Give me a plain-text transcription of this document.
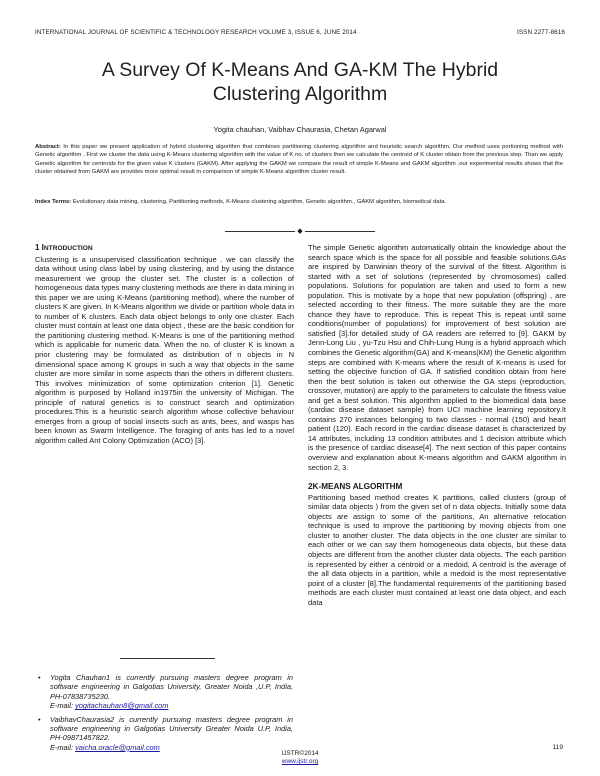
INTERNATIONAL JOURNAL OF SCIENTIFIC & TECHNOLOGY RESEARCH VOLUME 3, ISSUE 6, JUNE 2014	ISSN 2277-8616
A Survey Of K-Means And GA-KM The Hybrid
Clustering Algorithm
Yogita chauhan, Vaibhav Chaurasia, Chetan Agarwal
Abstract: In this paper we present application of hybrid clustering algorithm that combines partitioning clustering algorithm and heuristic search algorithm. Our method uses portioning method with Genetic algorithm . First we cluster the data using K-Means clustering algorithm with the value of K no. of clusters then we calculate the centroid of K cluster obtain from the previous step. Than we apply Genetic algorithm for centroids for the given value K clusters (GAKM). After applying the GAKM we compare the result of simple K-Means and GAKM algorithm .our experimental results shows that the cluster obtained from GAKM are provides more optimal result in comparison of simple K-Means algorithm cluster result.
Index Terms: Evolutionary data mining, clustering, Partitioning methods, K-Means clustering algorithm, Genetic algorithm., GAKM algorithm, biomedical data.
◆
1 INTRODUCTION

Clustering is a unsupervised classification technique . we can classify the data without using class label by using clustering, and by using the distance measurement we group the cluster set. The cluster is a collection of homogeneous data types many clustering methods are there in data mining in this paper we are using K-Means (partitioning method), where the number of clusters K are given. In K-Means algorithm we divide or partition whole data in to number of K clusters. Each data object belongs to only one cluster. Each cluster must contain at least one data object , these are the basic condition for the partitioning clustering method. K-Means is one of the partitioning method which is applicable for numeric data. When the no. of cluster K is known a prior clustering may be formulated as distribution of n objects in N dimensional space among K groups in such a way that objects in the same cluster are more similar in some aspects than the others in different clusters. This involves minimization of some optimization criterion [1]. Genetic algorithm is purposed by Holland in1975in the university of Michigan. The principle of natural genetics is to construct search and optimization procedures.This is a heuristic search algorithm whose collective behaviour emerges from a group of social insects such as ants, bees, and wasps has been known as Swarm Intelligence. The foraging of ants has led to a novel algorithm called Ant Colony Optimization (ACO) [3].

The simple Genetic algorithm automatically obtain the knowledge about the search space which is the space for all possible and feasible solutions.GAs are inspired by Darwinian theory of the survival of the fittest. Algorithm is started with a set of solutions (represented by chromosomes) called populations. Solutions for population are taken and used to form a new population. This is motivate by a hope that new population (offspring) , are selected according to their fitness. The more suitable they are the more chance they have to reproduce. This is repeat This is repeat until some conditions(number of populations) for improvement of best solution are satisfied [3].for detailed study of GA readers are referred to [9]. GAKM by Jenn-Long Liu , yu-Tzu Hsu and Chih-Lung Hung is a hybrid approach which combines the Genetic algorithm(GA) and K-means(KM) the Genetic algorithm steps are combined with K-means where the result of K-means is used for setting the objective function of GA. If satisfied condition obtain from here then the best solution is taken out otherwise the GA steps (reproduction, crossover, mutation) are apply to the parameters to calculate the fitness value and get a best solution. This algorithm applied to the biomedical data base (cardiac disease dataset sample) from UCI machine learning repository.It contains 270 instances belonging to two classes - normal (150) and heart patient (120). Each record in the cardiac disease dataset is characterized by 14 attributes, including 13 condition attributes and 1 decision attribute which is the presence of cardiac disease[4]. The next section of this paper contains overview and explanation about K-means algorithm and GAKM algorithm in section 2, 3.

2K-MEANS ALGORITHM

Partitioning based method creates K partitions, called clusters (group of similar data objects ) from the given set of n data objects. Initially some data objects are assign to some of the partitions, An alternative relocation technique is used to improve the partitioning by moving objects from one cluster to another cluster. The data objects in the one cluster are similar to each other or we can say them homogeneous data objects, but these data objects are different from the another cluster data objects. The each partition is represented by either a centroid or a medoid, A centroid is the average of the all data objects in a partition, while a medoid is the most representative point of a cluster [8].The fundamental requirements of the partitioning based methods are each cluster must contained at least one data object, and each data

• Yogita Chauhan1 is currently pursuing masters degree program in software engineering in Galgotias University, Greater Noida ,U.P, India, PH-07838735230.
E-mail: yogitachauhan8@gmail.com
• VaibhavChaurasia2 is currently pursuing masters degree program in software engineering in Galgotias University Greater Noida U.P, India, PH-09871457822.
E-mail: vaicha.oracle@gmail.com	119
IJSTR©2014
www.ijstr.org
